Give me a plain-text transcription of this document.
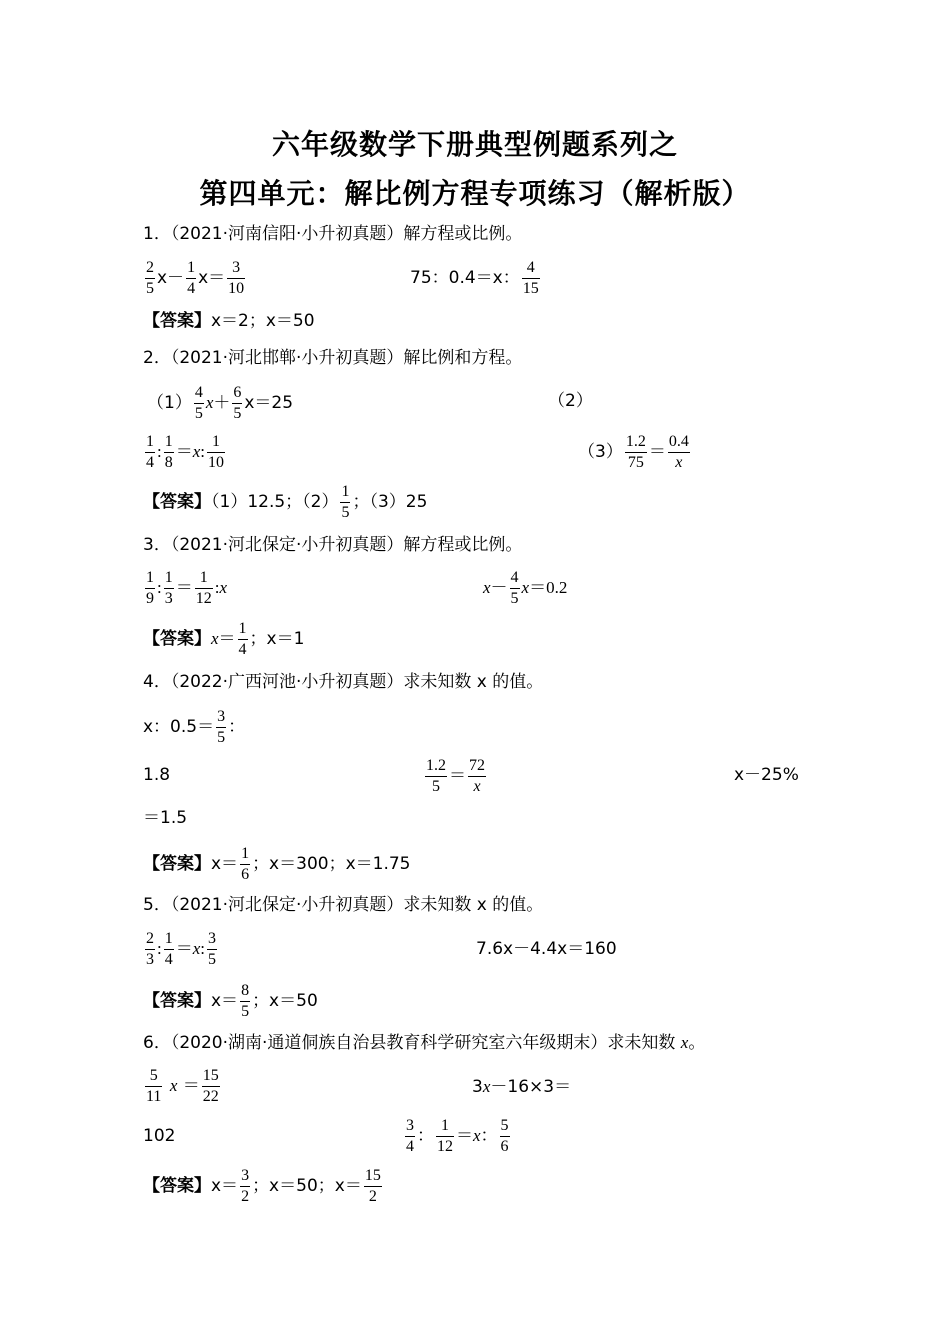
六年级数学下册典型例题系列之
第四单元：解比例方程专项练习（解析版）
1．（2021·河南信阳·小升初真题）解方程或比例。
$\frac{2}{5} x- \frac{1}{4} x= \frac{3}{10}$	75：0.4＝x： $\frac{4}{15}$
【答案】x＝2；x＝50
2．（2021·河北邯郸·小升初真题）解比例和方程。
$(1) \frac{4}{5} x+ \frac{6}{5} x=25$	（2）
$\frac{1}{4}$ : $\frac{1}{8} =x$: $\frac{1}{10}$	$(3) \frac{1.2}{75} = \frac{0.4}{x}$
【答案】（1）12.5；$(2) \frac{1}{5}$ ；（3）25
3．（2021·河北保定·小升初真题）解方程或比例。
$\frac{1}{9}$ : $\frac{1}{3} = \frac{1}{12}$ :x	$x- \frac{4}{5} x=0.2$
【答案】$x= \frac{1}{4}$ ；x＝1
4．（2022·广西河池·小升初真题）求未知数 x 的值。
x：$0.5= \frac{3}{5}$ ：
1.8	$\frac{1.2}{5} = \frac{72}{x}$	x－25%
＝1.5
【答案】$x= \frac{1}{6}$ ；x＝300；x＝1.75
5．（2021·河北保定·小升初真题）求未知数 x 的值。
$\frac{2}{3}$ : $\frac{1}{4} =x$: $\frac{3}{5}$	7.6x－4.4x＝160
【答案】$x= \frac{8}{5}$ ；x＝50
6．（2020·湖南·通道侗族自治县教育科学研究室六年级期末）求未知数 x。
$\frac{5}{11}$ $x = \frac{15}{22}$	3x－16×3＝
102	$\frac{3}{4}$ ： $\frac{1}{12} =x$： $\frac{5}{6}$
【答案】$x= \frac{3}{2}$ ；x＝50；$x= \frac{15}{2}$
